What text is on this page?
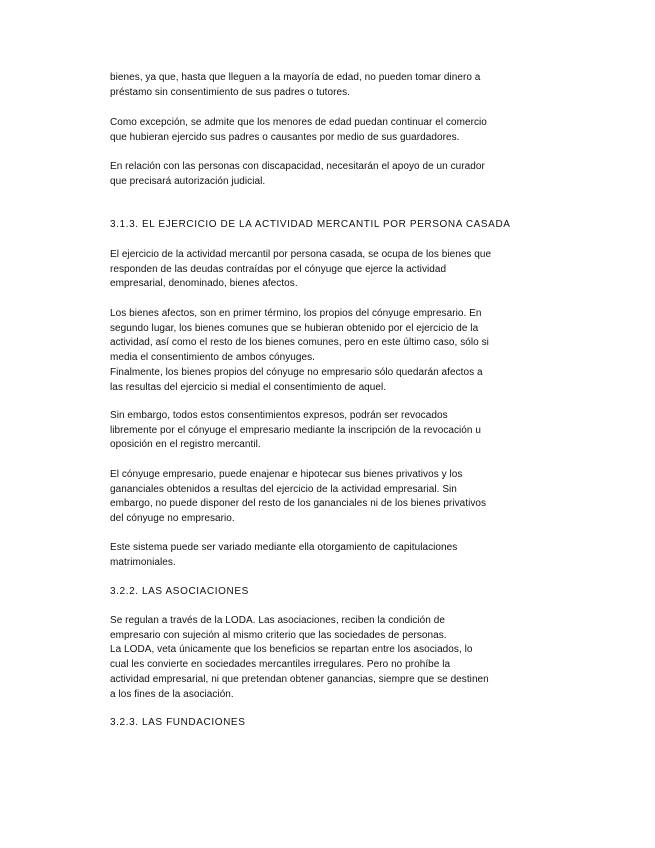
bienes, ya que, hasta que lleguen a la mayoría de edad, no pueden tomar dinero a
préstamo sin consentimiento de sus padres o tutores.
Como excepción, se admite que los menores de edad puedan continuar el comercio
que hubieran ejercido sus padres o causantes por medio de sus guardadores.
En relación con las personas con discapacidad, necesitarán el apoyo de un curador
que precisará autorización judicial.
3.1.3. EL EJERCICIO DE LA ACTIVIDAD MERCANTIL POR PERSONA CASADA
El ejercicio de la actividad mercantil por persona casada, se ocupa de los bienes que
responden de las deudas contraídas por el cónyuge que ejerce la actividad
empresarial, denominado, bienes afectos.
Los bienes afectos, son en primer término, los propios del cónyuge empresario. En
segundo lugar, los bienes comunes que se hubieran obtenido por el ejercicio de la
actividad, así como el resto de los bienes comunes, pero en este último caso, sólo si
media el consentimiento de ambos cónyuges.
Finalmente, los bienes propios del cónyuge no empresario sólo quedarán afectos a
las resultas del ejercicio si medial el consentimiento de aquel.
Sin embargo, todos estos consentimientos expresos, podrán ser revocados
libremente por el cónyuge el empresario mediante la inscripción de la revocación u
oposición en el registro mercantil.
El cónyuge empresario, puede enajenar e hipotecar sus bienes privativos y los
gananciales obtenidos a resultas del ejercicio de la actividad empresarial. Sin
embargo, no puede disponer del resto de los gananciales ni de los bienes privativos
del cónyuge no empresario.
Este sistema puede ser variado mediante ella otorgamiento de capitulaciones
matrimoniales.
3.2.2. LAS ASOCIACIONES
Se regulan a través de la LODA. Las asociaciones, reciben la condición de
empresario con sujeción al mismo criterio que las sociedades de personas.
La LODA, veta únicamente que los beneficios se repartan entre los asociados, lo
cual les convierte en sociedades mercantiles irregulares. Pero no prohíbe la
actividad empresarial, ni que pretendan obtener ganancias, siempre que se destinen
a los fines de la asociación.
3.2.3. LAS FUNDACIONES
